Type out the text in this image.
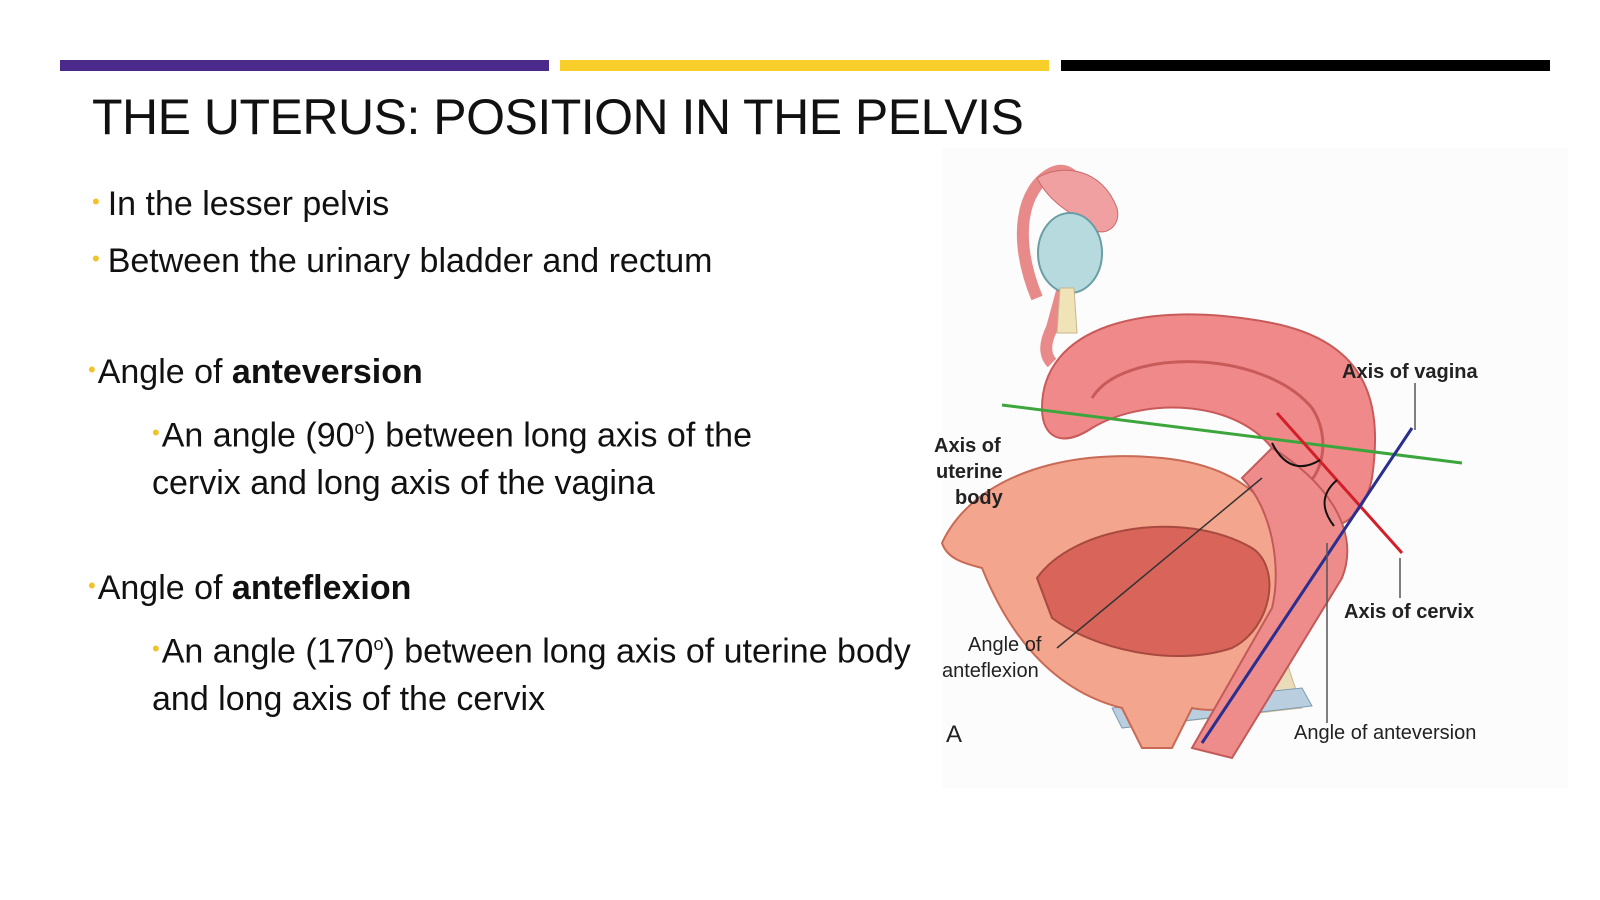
THE UTERUS: POSITION IN THE PELVIS
• In the lesser pelvis
• Between the urinary bladder and rectum
•Angle of anteversion
•An angle (90$^o$) between long axis of the cervix and long axis of the vagina
•Angle of anteflexion
•An angle (170$^o$) between long axis of uterine body and long axis of the cervix
Axis of vagina
Axis of
uterine
body
Axis of cervix
Angle of
anteflexion
Angle of anteversion
A
